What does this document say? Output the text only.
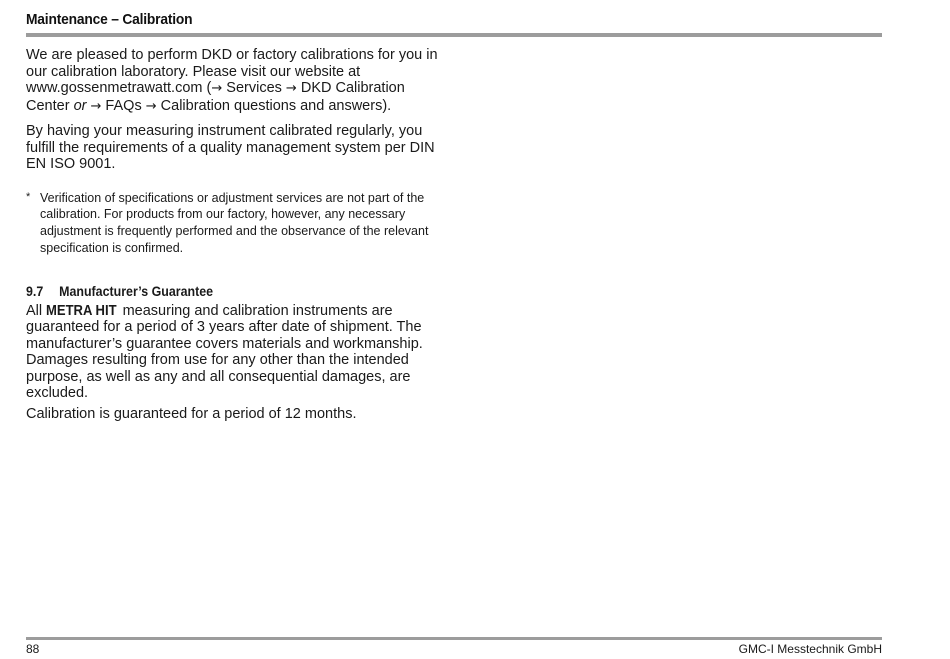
Maintenance – Calibration

We are pleased to perform DKD or factory calibrations for you in our calibration laboratory. Please visit our website at www.gossenmetrawatt.com (→ Services → DKD Calibration Center or → FAQs → Calibration questions and answers).

By having your measuring instrument calibrated regularly, you fulfill the requirements of a quality management system per DIN EN ISO 9001.

* Verification of specifications or adjustment services are not part of the calibration. For products from our factory, however, any necessary adjustment is frequently performed and the observance of the relevant specification is confirmed.
9.7 Manufacturer’s Guarantee

All METRA HIT measuring and calibration instruments are guaranteed for a period of 3 years after date of shipment. The manufacturer’s guarantee covers materials and workmanship. Damages resulting from use for any other than the intended purpose, as well as any and all consequential damages, are excluded.

Calibration is guaranteed for a period of 12 months.

88	GMC-I Messtechnik GmbH
